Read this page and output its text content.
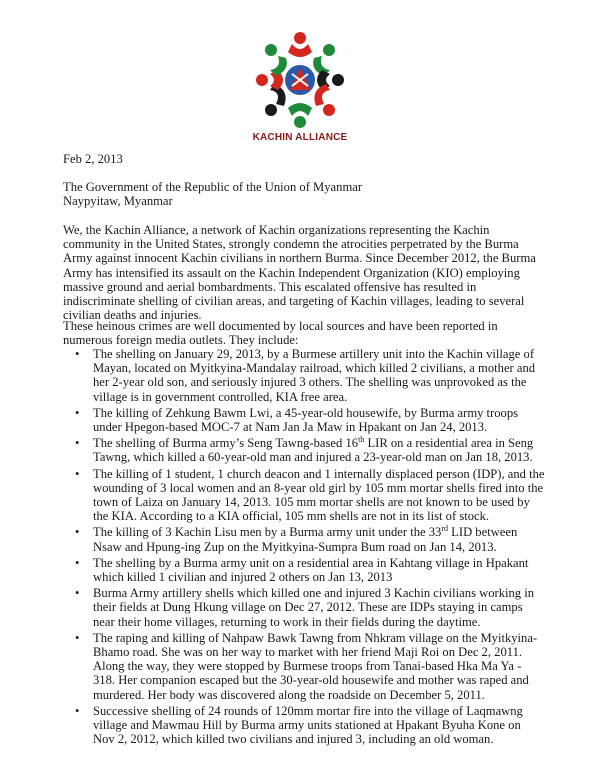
KACHIN ALLIANCE
Feb 2, 2013
The Government of the Republic of the Union of Myanmar
Naypyitaw, Myanmar
We, the Kachin Alliance, a network of Kachin organizations representing the Kachin community in the United States, strongly condemn the atrocities perpetrated by the Burma Army against innocent Kachin civilians in northern Burma. Since December 2012, the Burma Army has intensified its assault on the Kachin Independent Organization (KIO) employing massive ground and aerial bombardments. This escalated offensive has resulted in indiscriminate shelling of civilian areas, and targeting of Kachin villages, leading to several civilian deaths and injuries.
These heinous crimes are well documented by local sources and have been reported in numerous foreign media outlets. They include:
• The shelling on January 29, 2013, by a Burmese artillery unit into the Kachin village of Mayan, located on Myitkyina-Mandalay railroad, which killed 2 civilians, a mother and her 2-year old son, and seriously injured 3 others. The shelling was unprovoked as the village is in government controlled, KIA free area.
• The killing of Zehkung Bawm Lwi, a 45-year-old housewife, by Burma army troops under Hpegon-based MOC-7 at Nam Jan Ja Maw in Hpakant on Jan 24, 2013.
• The shelling of Burma army’s Seng Tawng-based 16th LIR on a residential area in Seng Tawng, which killed a 60-year-old man and injured a 23-year-old man on Jan 18, 2013.
• The killing of 1 student, 1 church deacon and 1 internally displaced person (IDP), and the wounding of 3 local women and an 8-year old girl by 105 mm mortar shells fired into the town of Laiza on January 14, 2013. 105 mm mortar shells are not known to be used by the KIA. According to a KIA official, 105 mm shells are not in its list of stock.
• The killing of 3 Kachin Lisu men by a Burma army unit under the 33rd LID between Nsaw and Hpung-ing Zup on the Myitkyina-Sumpra Bum road on Jan 14, 2013.
• The shelling by a Burma army unit on a residential area in Kahtang village in Hpakant which killed 1 civilian and injured 2 others on Jan 13, 2013
• Burma Army artillery shells which killed one and injured 3 Kachin civilians working in their fields at Dung Hkung village on Dec 27, 2012. These are IDPs staying in camps near their home villages, returning to work in their fields during the daytime.
• The raping and killing of Nahpaw Bawk Tawng from Nhkram village on the Myitkyina-Bhamo road. She was on her way to market with her friend Maji Roi on Dec 2, 2011. Along the way, they were stopped by Burmese troops from Tanai-based Hka Ma Ya - 318. Her companion escaped but the 30-year-old housewife and mother was raped and murdered. Her body was discovered along the roadside on December 5, 2011.
• Successive shelling of 24 rounds of 120mm mortar fire into the village of Laqmawng village and Mawmau Hill by Burma army units stationed at Hpakant Byuha Kone on Nov 2, 2012, which killed two civilians and injured 3, including an old woman.
